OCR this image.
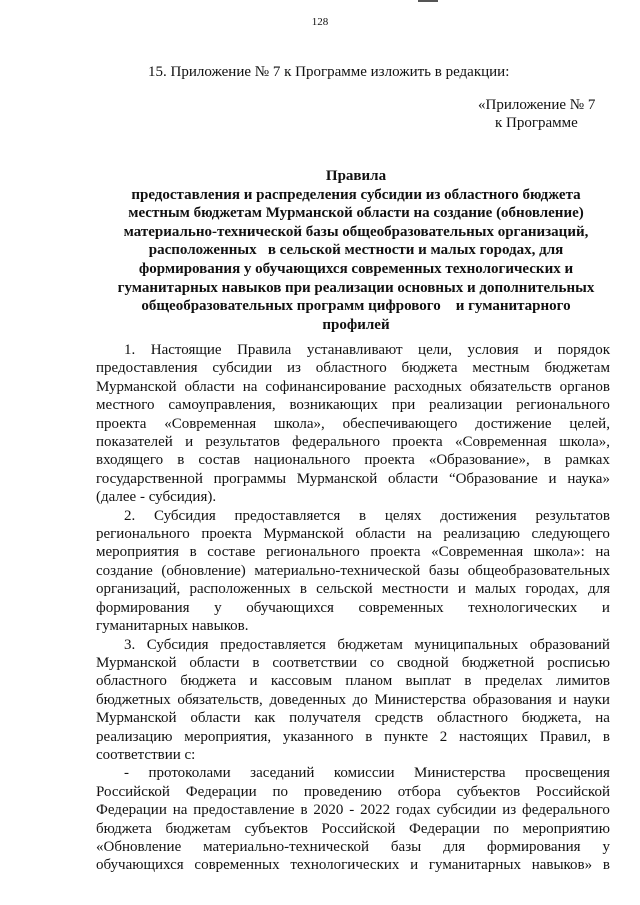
128
15. Приложение № 7 к Программе изложить в редакции:
«Приложение № 7
к Программе
Правила
предоставления и распределения субсидии из областного бюджета
местным бюджетам Мурманской области на создание (обновление)
материально-технической базы общеобразовательных организаций,
расположенных   в сельской местности и малых городах, для
формирования у обучающихся современных технологических и
гуманитарных навыков при реализации основных и дополнительных
общеобразовательных программ цифрового    и гуманитарного
профилей
1. Настоящие Правила устанавливают цели, условия и порядок
предоставления субсидии из областного бюджета местным бюджетам
Мурманской области на софинансирование расходных обязательств органов
местного самоуправления, возникающих при реализации регионального
проекта «Современная школа», обеспечивающего достижение целей,
показателей и результатов федерального проекта «Современная школа»,
входящего в состав национального проекта «Образование», в рамках
государственной программы Мурманской области “Образование и наука»
(далее - субсидия).
2. Субсидия предоставляется в целях достижения результатов
регионального проекта Мурманской области на реализацию следующего
мероприятия в составе регионального проекта «Современная школа»: на
создание (обновление) материально-технической базы общеобразовательных
организаций, расположенных в сельской местности и малых городах, для
формирования у обучающихся современных технологических и
гуманитарных навыков.
3. Субсидия предоставляется бюджетам муниципальных образований
Мурманской области в соответствии со сводной бюджетной росписью
областного бюджета и кассовым планом выплат в пределах лимитов
бюджетных обязательств, доведенных до Министерства образования и науки
Мурманской области как получателя средств областного бюджета, на
реализацию мероприятия, указанного в пункте 2 настоящих Правил, в
соответствии с:
- протоколами заседаний комиссии Министерства просвещения
Российской Федерации по проведению отбора субъектов Российской
Федерации на предоставление в 2020 - 2022 годах субсидии из федерального
бюджета бюджетам субъектов Российской Федерации по мероприятию
«Обновление материально-технической базы для формирования у
обучающихся современных технологических и гуманитарных навыков» в
